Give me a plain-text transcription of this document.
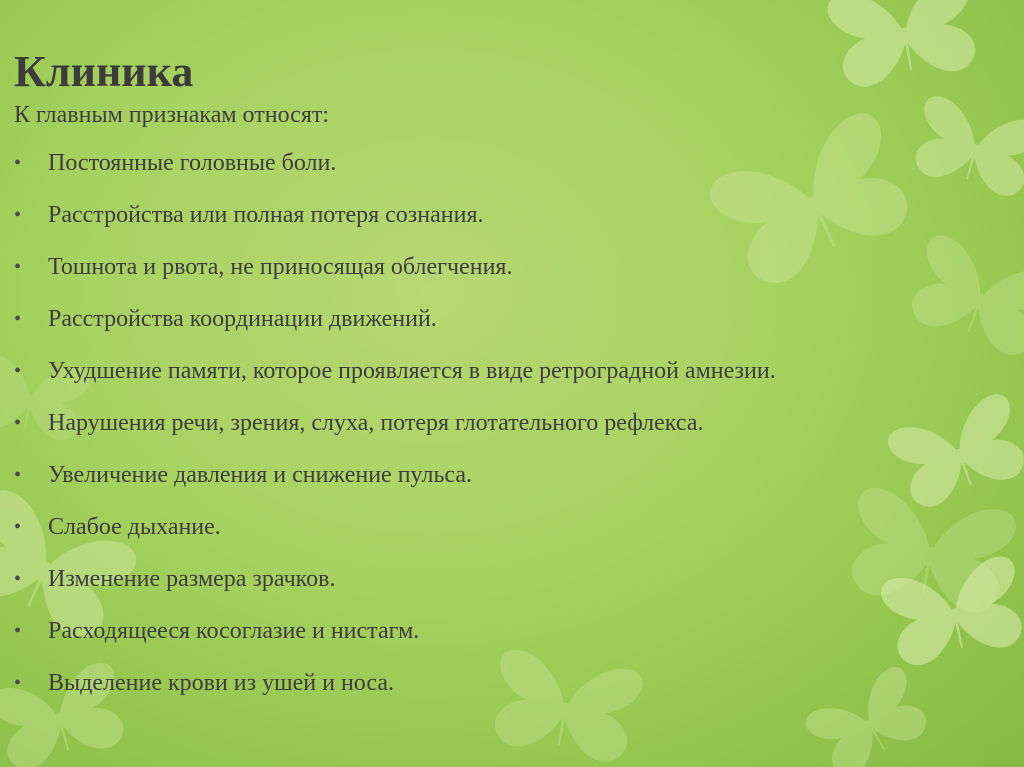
Клиника
К главным признакам относят:
• Постоянные головные боли.
• Расстройства или полная потеря сознания.
• Тошнота и рвота, не приносящая облегчения.
• Расстройства координации движений.
• Ухудшение памяти, которое проявляется в виде ретроградной амнезии.
• Нарушения речи, зрения, слуха, потеря глотательного рефлекса.
• Увеличение давления и снижение пульса.
• Слабое дыхание.
• Изменение размера зрачков.
• Расходящееся косоглазие и нистагм.
• Выделение крови из ушей и носа.
